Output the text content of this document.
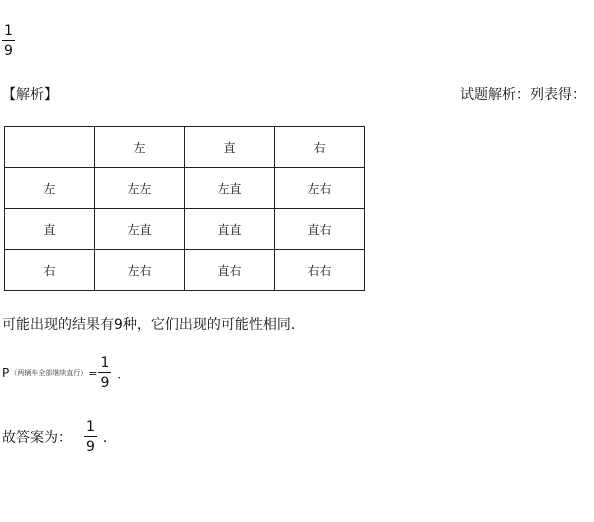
1
9
【解析】	试题解析：列表得：
	左	直	右
左	左左	左直	左右
直	左直	直直	直右
右	左右	直右	右右
可能出现的结果有9种，它们出现的可能性相同．
P （两辆车全部继续直行） = $\frac{1}{9}$ ．
故答案为： $\frac{1}{9}$ ．
